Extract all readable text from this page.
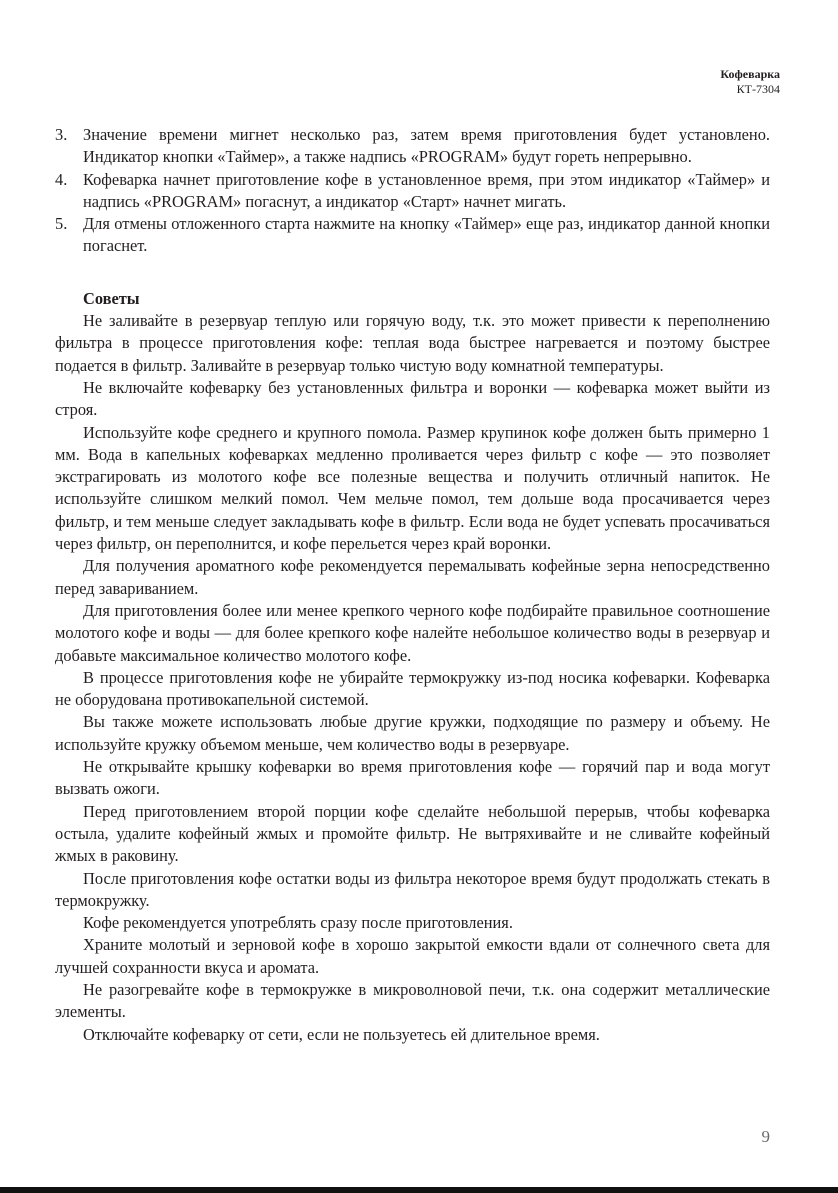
Кофеварка
КТ-7304
3. Значение времени мигнет несколько раз, затем время приготовления будет установлено. Индикатор кнопки «Таймер», а также надпись «PROGRAM» будут гореть непрерывно.
4. Кофеварка начнет приготовление кофе в установленное время, при этом индикатор «Таймер» и надпись «PROGRAM» погаснут, а индикатор «Старт» начнет мигать.
5. Для отмены отложенного старта нажмите на кнопку «Таймер» еще раз, индикатор данной кнопки погаснет.
Советы

Не заливайте в резервуар теплую или горячую воду, т.к. это может привести к переполнению фильтра в процессе приготовления кофе: теплая вода быстрее нагревается и поэтому быстрее подается в фильтр. Заливайте в резервуар только чистую воду комнатной температуры.

Не включайте кофеварку без установленных фильтра и воронки — кофеварка может выйти из строя.

Используйте кофе среднего и крупного помола. Размер крупинок кофе должен быть примерно 1 мм. Вода в капельных кофеварках медленно проливается через фильтр с кофе — это позволяет экстрагировать из молотого кофе все полезные вещества и получить отличный напиток. Не используйте слишком мелкий помол. Чем мельче помол, тем дольше вода просачивается через фильтр, и тем меньше следует закладывать кофе в фильтр. Если вода не будет успевать просачиваться через фильтр, он переполнится, и кофе перельется через край воронки.

Для получения ароматного кофе рекомендуется перемалывать кофейные зерна непосредственно перед завариванием.

Для приготовления более или менее крепкого черного кофе подбирайте правильное соотношение молотого кофе и воды — для более крепкого кофе налейте небольшое количество воды в резервуар и добавьте максимальное количество молотого кофе.

В процессе приготовления кофе не убирайте термокружку из-под носика кофеварки. Кофеварка не оборудована противокапельной системой.

Вы также можете использовать любые другие кружки, подходящие по размеру и объему. Не используйте кружку объемом меньше, чем количество воды в резервуаре.

Не открывайте крышку кофеварки во время приготовления кофе — горячий пар и вода могут вызвать ожоги.

Перед приготовлением второй порции кофе сделайте небольшой перерыв, чтобы кофеварка остыла, удалите кофейный жмых и промойте фильтр. Не вытряхивайте и не сливайте кофейный жмых в раковину.

После приготовления кофе остатки воды из фильтра некоторое время будут продолжать стекать в термокружку.

Кофе рекомендуется употреблять сразу после приготовления.

Храните молотый и зерновой кофе в хорошо закрытой емкости вдали от солнечного света для лучшей сохранности вкуса и аромата.

Не разогревайте кофе в термокружке в микроволновой печи, т.к. она содержит металлические элементы.

Отключайте кофеварку от сети, если не пользуетесь ей длительное время.

9
